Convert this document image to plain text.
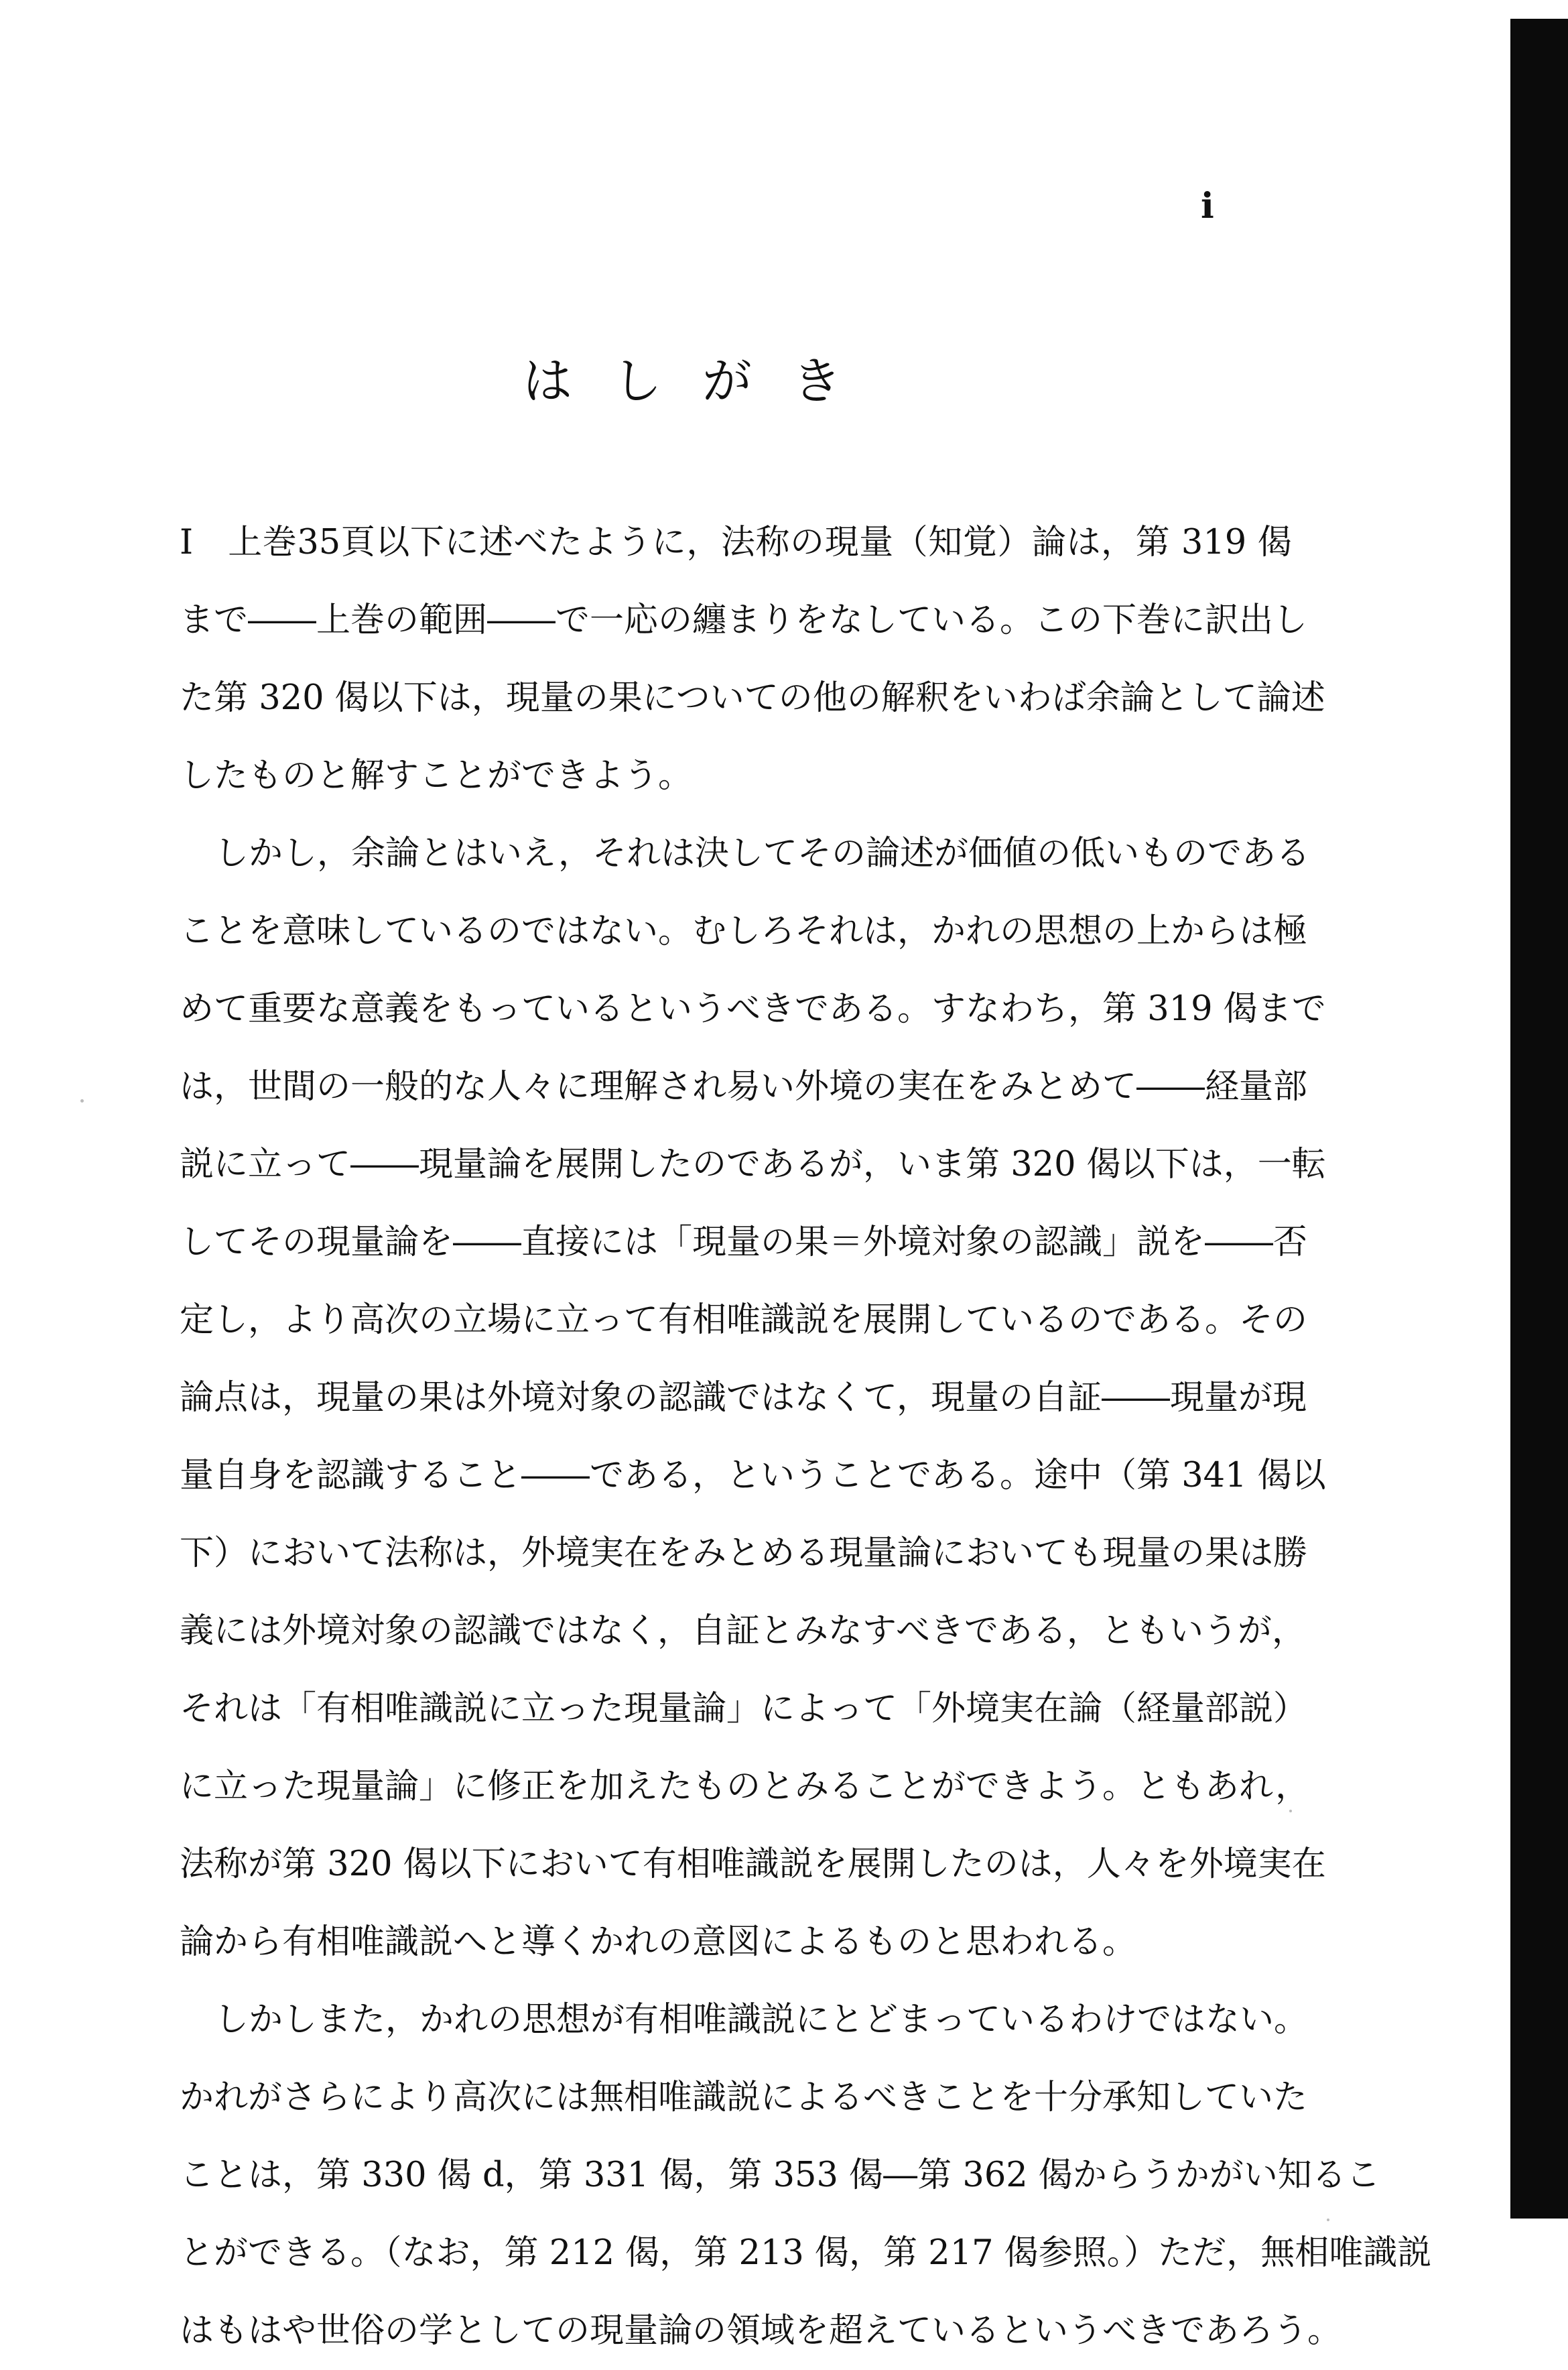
i
はしがき
I　上巻35頁以下に述べたように，法称の現量（知覚）論は，第 319 偈
まで――上巻の範囲――で一応の纏まりをなしている。この下巻に訳出し
た第 320 偈以下は，現量の果についての他の解釈をいわば余論として論述
したものと解すことができよう。
しかし，余論とはいえ，それは決してその論述が価値の低いものである
ことを意味しているのではない。むしろそれは，かれの思想の上からは極
めて重要な意義をもっているというべきである。すなわち，第 319 偈まで
は，世間の一般的な人々に理解され易い外境の実在をみとめて――経量部
説に立って――現量論を展開したのであるが，いま第 320 偈以下は，一転
してその現量論を――直接には「現量の果＝外境対象の認識」説を――否
定し，より高次の立場に立って有相唯識説を展開しているのである。その
論点は，現量の果は外境対象の認識ではなくて，現量の自証――現量が現
量自身を認識すること――である，ということである。途中（第 341 偈以
下）において法称は，外境実在をみとめる現量論においても現量の果は勝
義には外境対象の認識ではなく，自証とみなすべきである，ともいうが，
それは「有相唯識説に立った現量論」によって「外境実在論（経量部説）
に立った現量論」に修正を加えたものとみることができよう。ともあれ，
法称が第 320 偈以下において有相唯識説を展開したのは，人々を外境実在
論から有相唯識説へと導くかれの意図によるものと思われる。
しかしまた，かれの思想が有相唯識説にとどまっているわけではない。
かれがさらにより高次には無相唯識説によるべきことを十分承知していた
ことは，第 330 偈 d，第 331 偈，第 353 偈―第 362 偈からうかがい知るこ
とができる。（なお，第 212 偈，第 213 偈，第 217 偈参照。）ただ，無相唯識説
はもはや世俗の学としての現量論の領域を超えているというべきであろう。
